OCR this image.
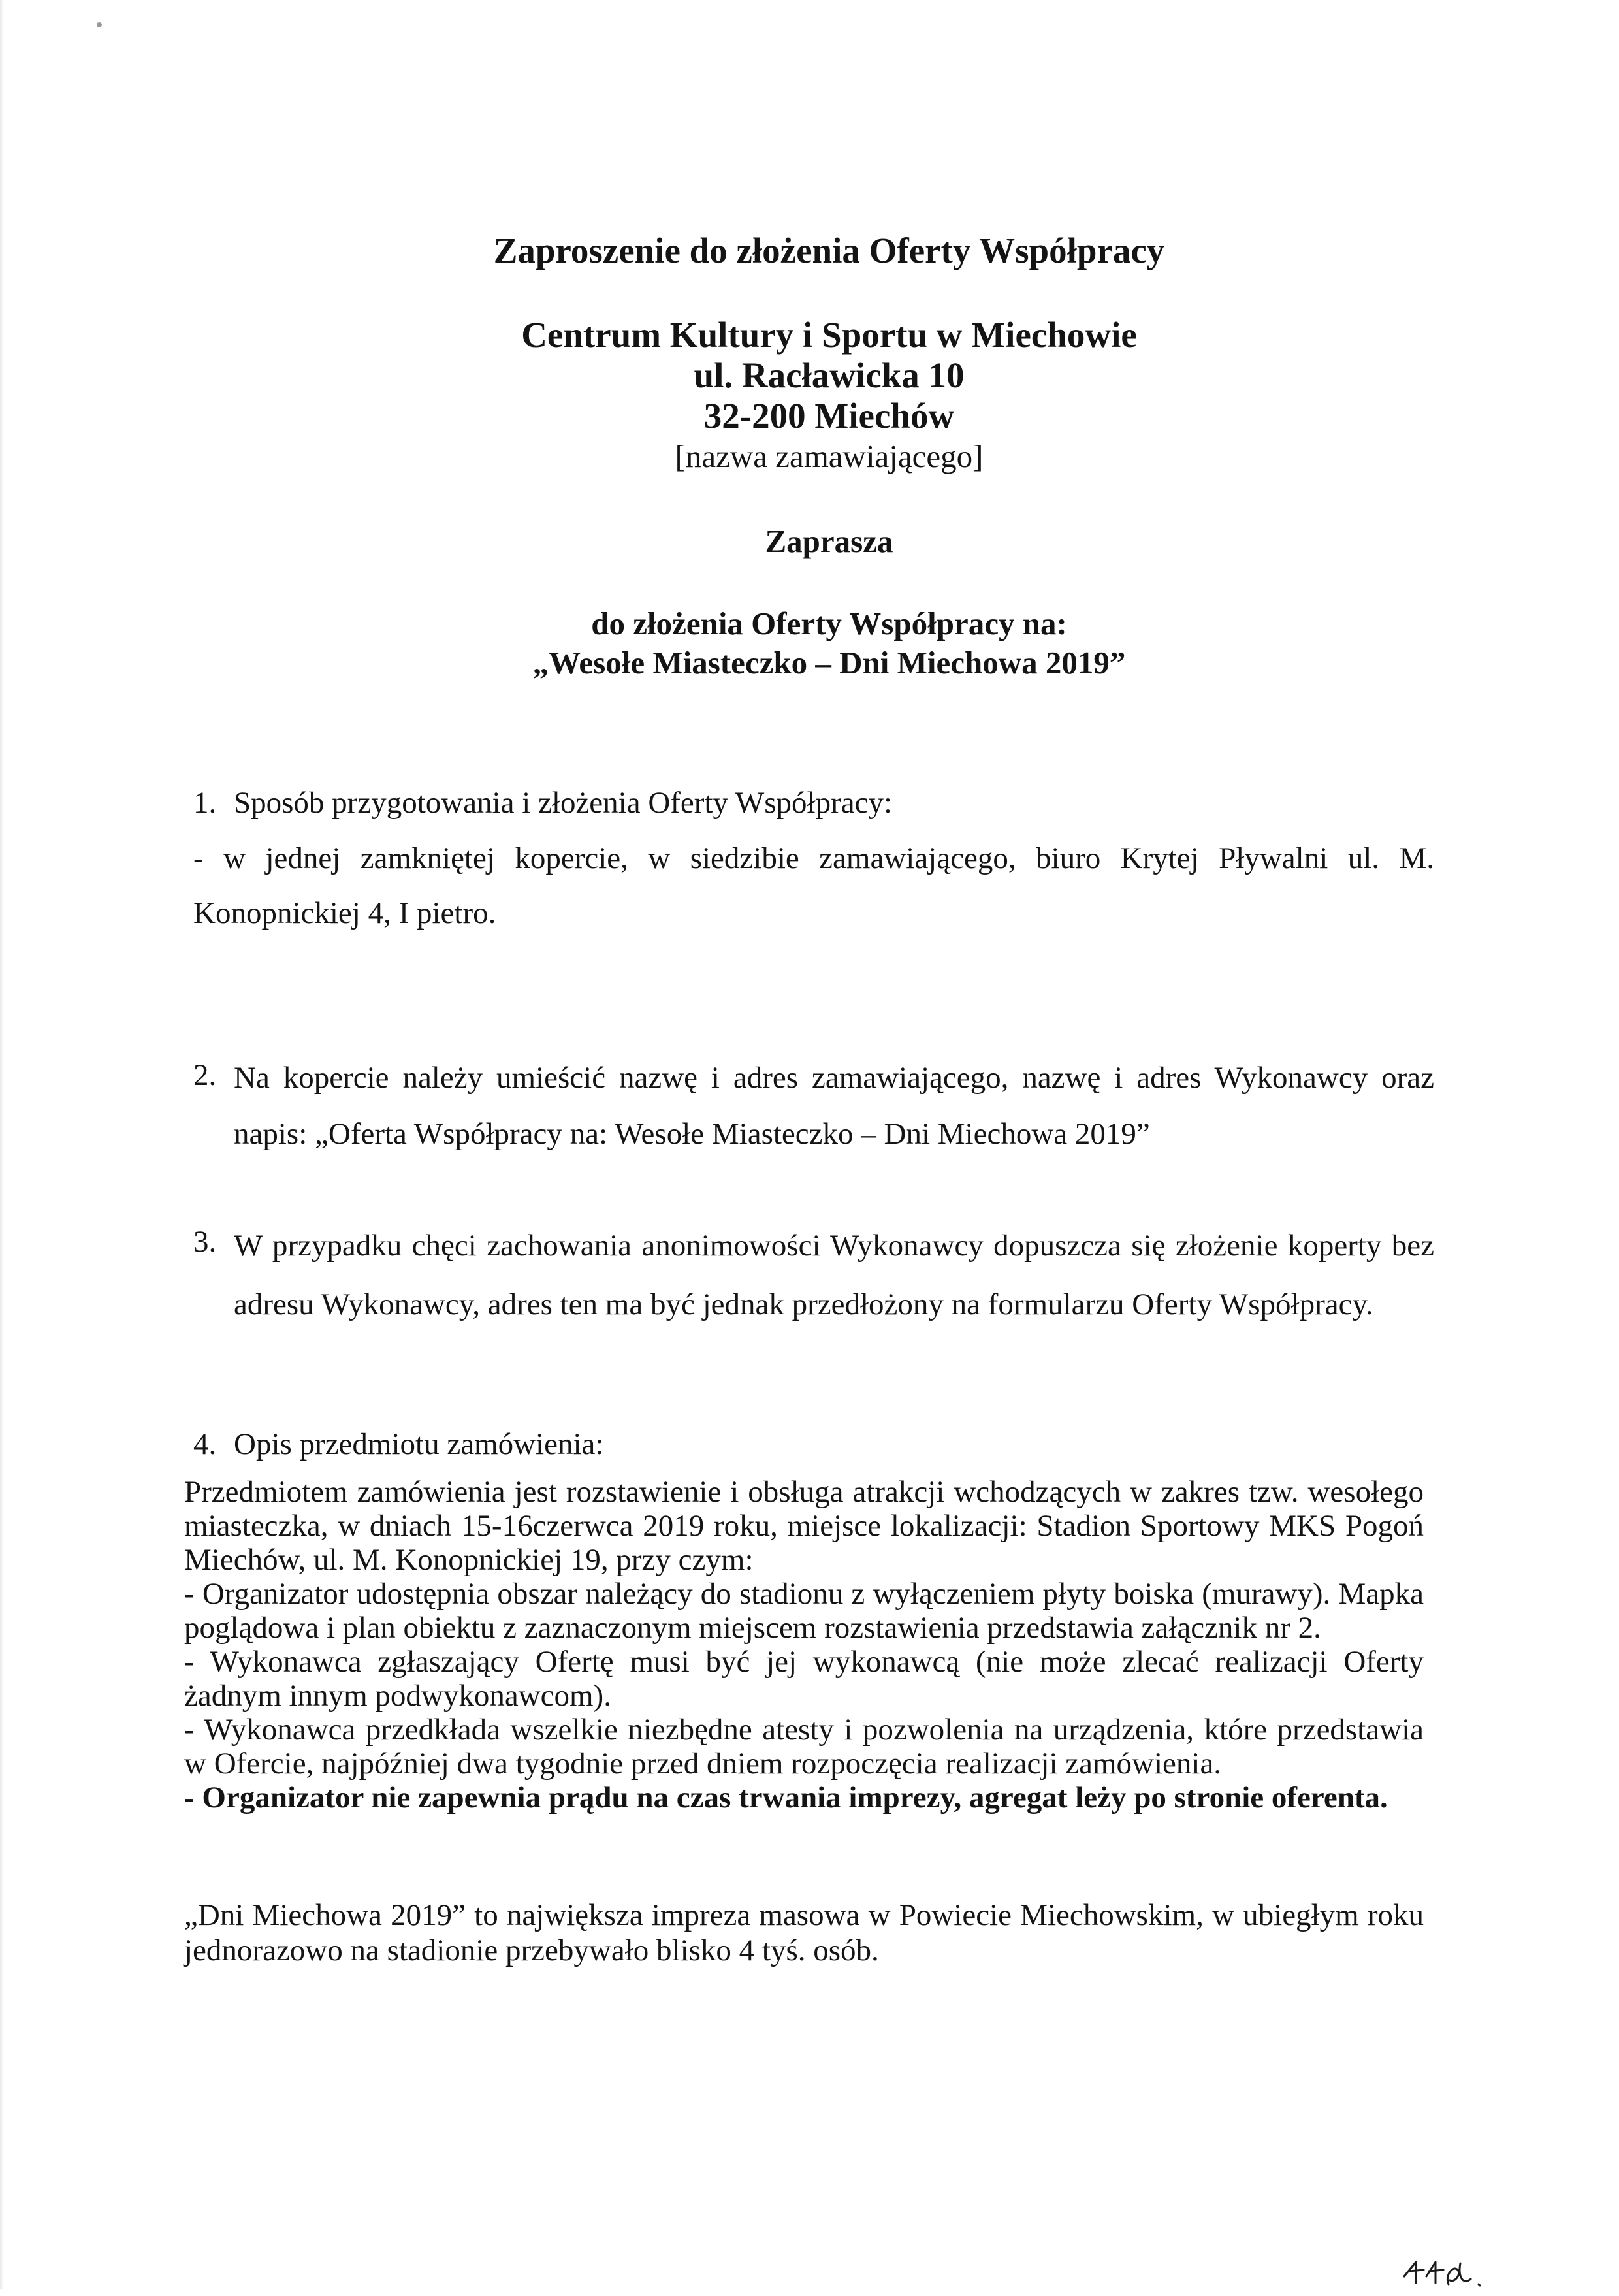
Zaproszenie do złożenia Oferty Współpracy
Centrum Kultury i Sportu w Miechowie
ul. Racławicka 10
32-200 Miechów
[nazwa zamawiającego]
Zaprasza
do złożenia Oferty Współpracy na:
„Wesołe Miasteczko – Dni Miechowa 2019”
1. Sposób przygotowania i złożenia Oferty Współpracy:
- w jednej zamkniętej kopercie, w siedzibie zamawiającego, biuro Krytej Pływalni ul. M. Konopnickiej 4, I pietro.
2. Na kopercie należy umieścić nazwę i adres zamawiającego, nazwę i adres Wykonawcy oraz napis: „Oferta Współpracy na: Wesołe Miasteczko – Dni Miechowa 2019”
3. W przypadku chęci zachowania anonimowości Wykonawcy dopuszcza się złożenie koperty bez adresu Wykonawcy, adres ten ma być jednak przedłożony na formularzu Oferty Współpracy.
4. Opis przedmiotu zamówienia:

Przedmiotem zamówienia jest rozstawienie i obsługa atrakcji wchodzących w zakres tzw. wesołego miasteczka, w dniach 15-16czerwca 2019 roku, miejsce lokalizacji: Stadion Sportowy MKS Pogoń Miechów, ul. M. Konopnickiej 19, przy czym:

- Organizator udostępnia obszar należący do stadionu z wyłączeniem płyty boiska (murawy). Mapka poglądowa i plan obiektu z zaznaczonym miejscem rozstawienia przedstawia załącznik nr 2.

- Wykonawca zgłaszający Ofertę musi być jej wykonawcą (nie może zlecać realizacji Oferty żadnym innym podwykonawcom).

- Wykonawca przedkłada wszelkie niezbędne atesty i pozwolenia na urządzenia, które przedstawia w Ofercie, najpóźniej dwa tygodnie przed dniem rozpoczęcia realizacji zamówienia.

- Organizator nie zapewnia prądu na czas trwania imprezy, agregat leży po stronie oferenta.

„Dni Miechowa 2019” to największa impreza masowa w Powiecie Miechowskim, w ubiegłym roku jednorazowo na stadionie przebywało blisko 4 tyś. osób.
